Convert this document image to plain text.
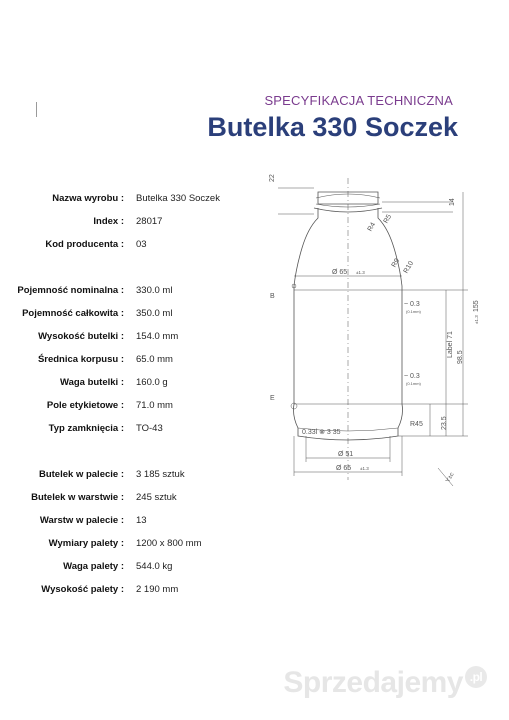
SPECYFIKACJA TECHNICZNA
Butelka 330 Soczek
Nazwa wyrobu : Butelka 330 Soczek
Index : 28017
Kod producenta : 03
Pojemność nominalna : 330.0 ml
Pojemność całkowita : 350.0 ml
Wysokość butelki : 154.0 mm
Średnica korpusu : 65.0 mm
Waga butelki : 160.0 g
Pole etykietowe : 71.0 mm
Typ zamknięcia : TO-43
Butelek w palecie : 3 185 sztuk
Butelek w warstwie : 245 sztuk
Warstw w palecie : 13
Wymiary palety : 1200 x 800 mm
Waga palety : 544.0 kg
Wysokość palety : 2 190 mm
22
14
R5
R4
R9 R10
Ø 65 ±1.3
B
~ 0.3
(0.1mm)
~ 0.3
(0.1mm)
Label 71 98.5
155
±1.3
E
R45	23.5
0.33l ⊗ 3 35
Ø 51
Ø 65 ±1.3
Y±c
Sprzedajemy .pl
